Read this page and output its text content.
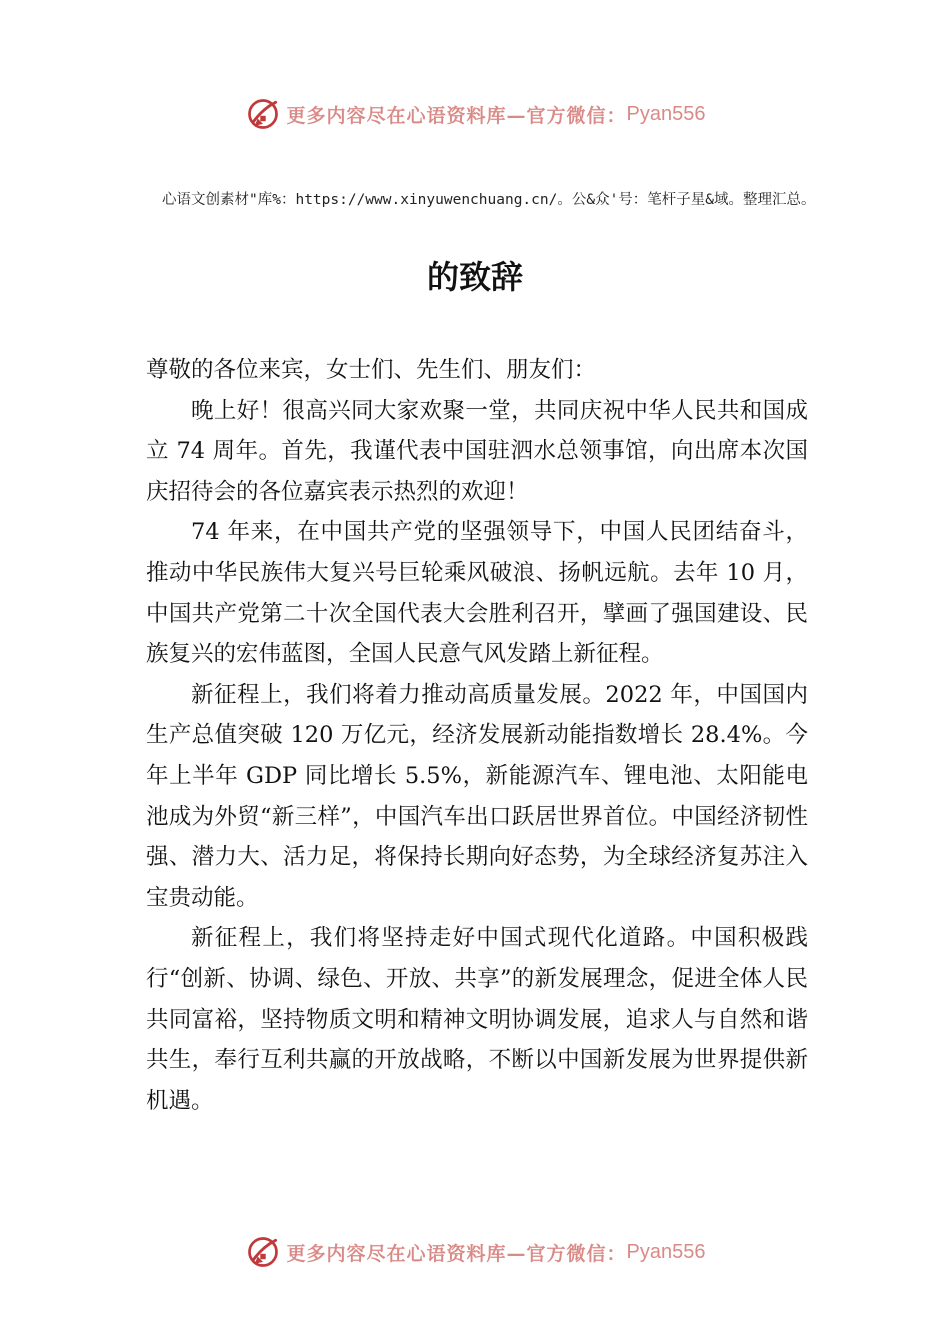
更多内容尽在心语资料库—官方微信： Pyan556
心语文创素材"库%：https://www.xinyuwenchuang.cn/。公&众'号：笔杆子星&域。整理汇总。
的致辞

尊敬的各位来宾，女士们、先生们、朋友们：

晚上好！很高兴同大家欢聚一堂，共同庆祝中华人民共和国成立 74 周年。首先，我谨代表中国驻泗水总领事馆，向出席本次国庆招待会的各位嘉宾表示热烈的欢迎！

74 年来，在中国共产党的坚强领导下，中国人民团结奋斗，推动中华民族伟大复兴号巨轮乘风破浪、扬帆远航。去年 10 月，中国共产党第二十次全国代表大会胜利召开，擘画了强国建设、民族复兴的宏伟蓝图，全国人民意气风发踏上新征程。

新征程上，我们将着力推动高质量发展。2022 年，中国国内生产总值突破 120 万亿元，经济发展新动能指数增长 28.4%。今年上半年 GDP 同比增长 5.5%，新能源汽车、锂电池、太阳能电池成为外贸“新三样”，中国汽车出口跃居世界首位。中国经济韧性强、潜力大、活力足，将保持长期向好态势，为全球经济复苏注入宝贵动能。

新征程上，我们将坚持走好中国式现代化道路。中国积极践行“创新、协调、绿色、开放、共享”的新发展理念，促进全体人民共同富裕，坚持物质文明和精神文明协调发展，追求人与自然和谐共生，奉行互利共赢的开放战略，不断以中国新发展为世界提供新机遇。

更多内容尽在心语资料库—官方微信： Pyan556
